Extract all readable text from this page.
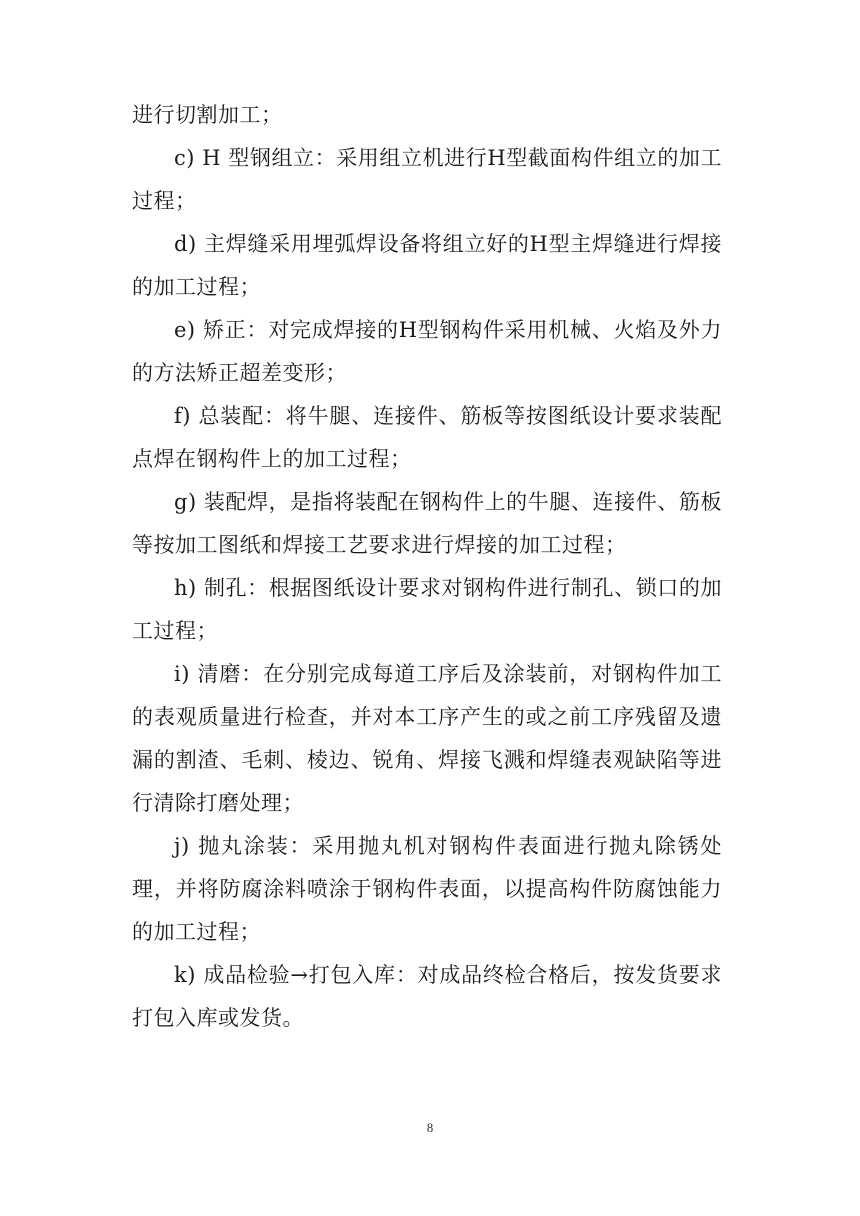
进行切割加工；
c) H 型钢组立：采用组立机进行H型截面构件组立的加工
过程；
d) 主焊缝采用埋弧焊设备将组立好的H型主焊缝进行焊接
的加工过程；
e) 矫正：对完成焊接的H型钢构件采用机械、火焰及外力
的方法矫正超差变形；
f) 总装配：将牛腿、连接件、筋板等按图纸设计要求装配
点焊在钢构件上的加工过程；
g) 装配焊，是指将装配在钢构件上的牛腿、连接件、筋板
等按加工图纸和焊接工艺要求进行焊接的加工过程；
h) 制孔：根据图纸设计要求对钢构件进行制孔、锁口的加
工过程；
i) 清磨：在分别完成每道工序后及涂装前，对钢构件加工
的表观质量进行检查，并对本工序产生的或之前工序残留及遗
漏的割渣、毛刺、棱边、锐角、焊接飞溅和焊缝表观缺陷等进
行清除打磨处理；
j) 抛丸涂装：采用抛丸机对钢构件表面进行抛丸除锈处
理，并将防腐涂料喷涂于钢构件表面，以提高构件防腐蚀能力
的加工过程；
k) 成品检验→打包入库：对成品终检合格后，按发货要求
打包入库或发货。
8
